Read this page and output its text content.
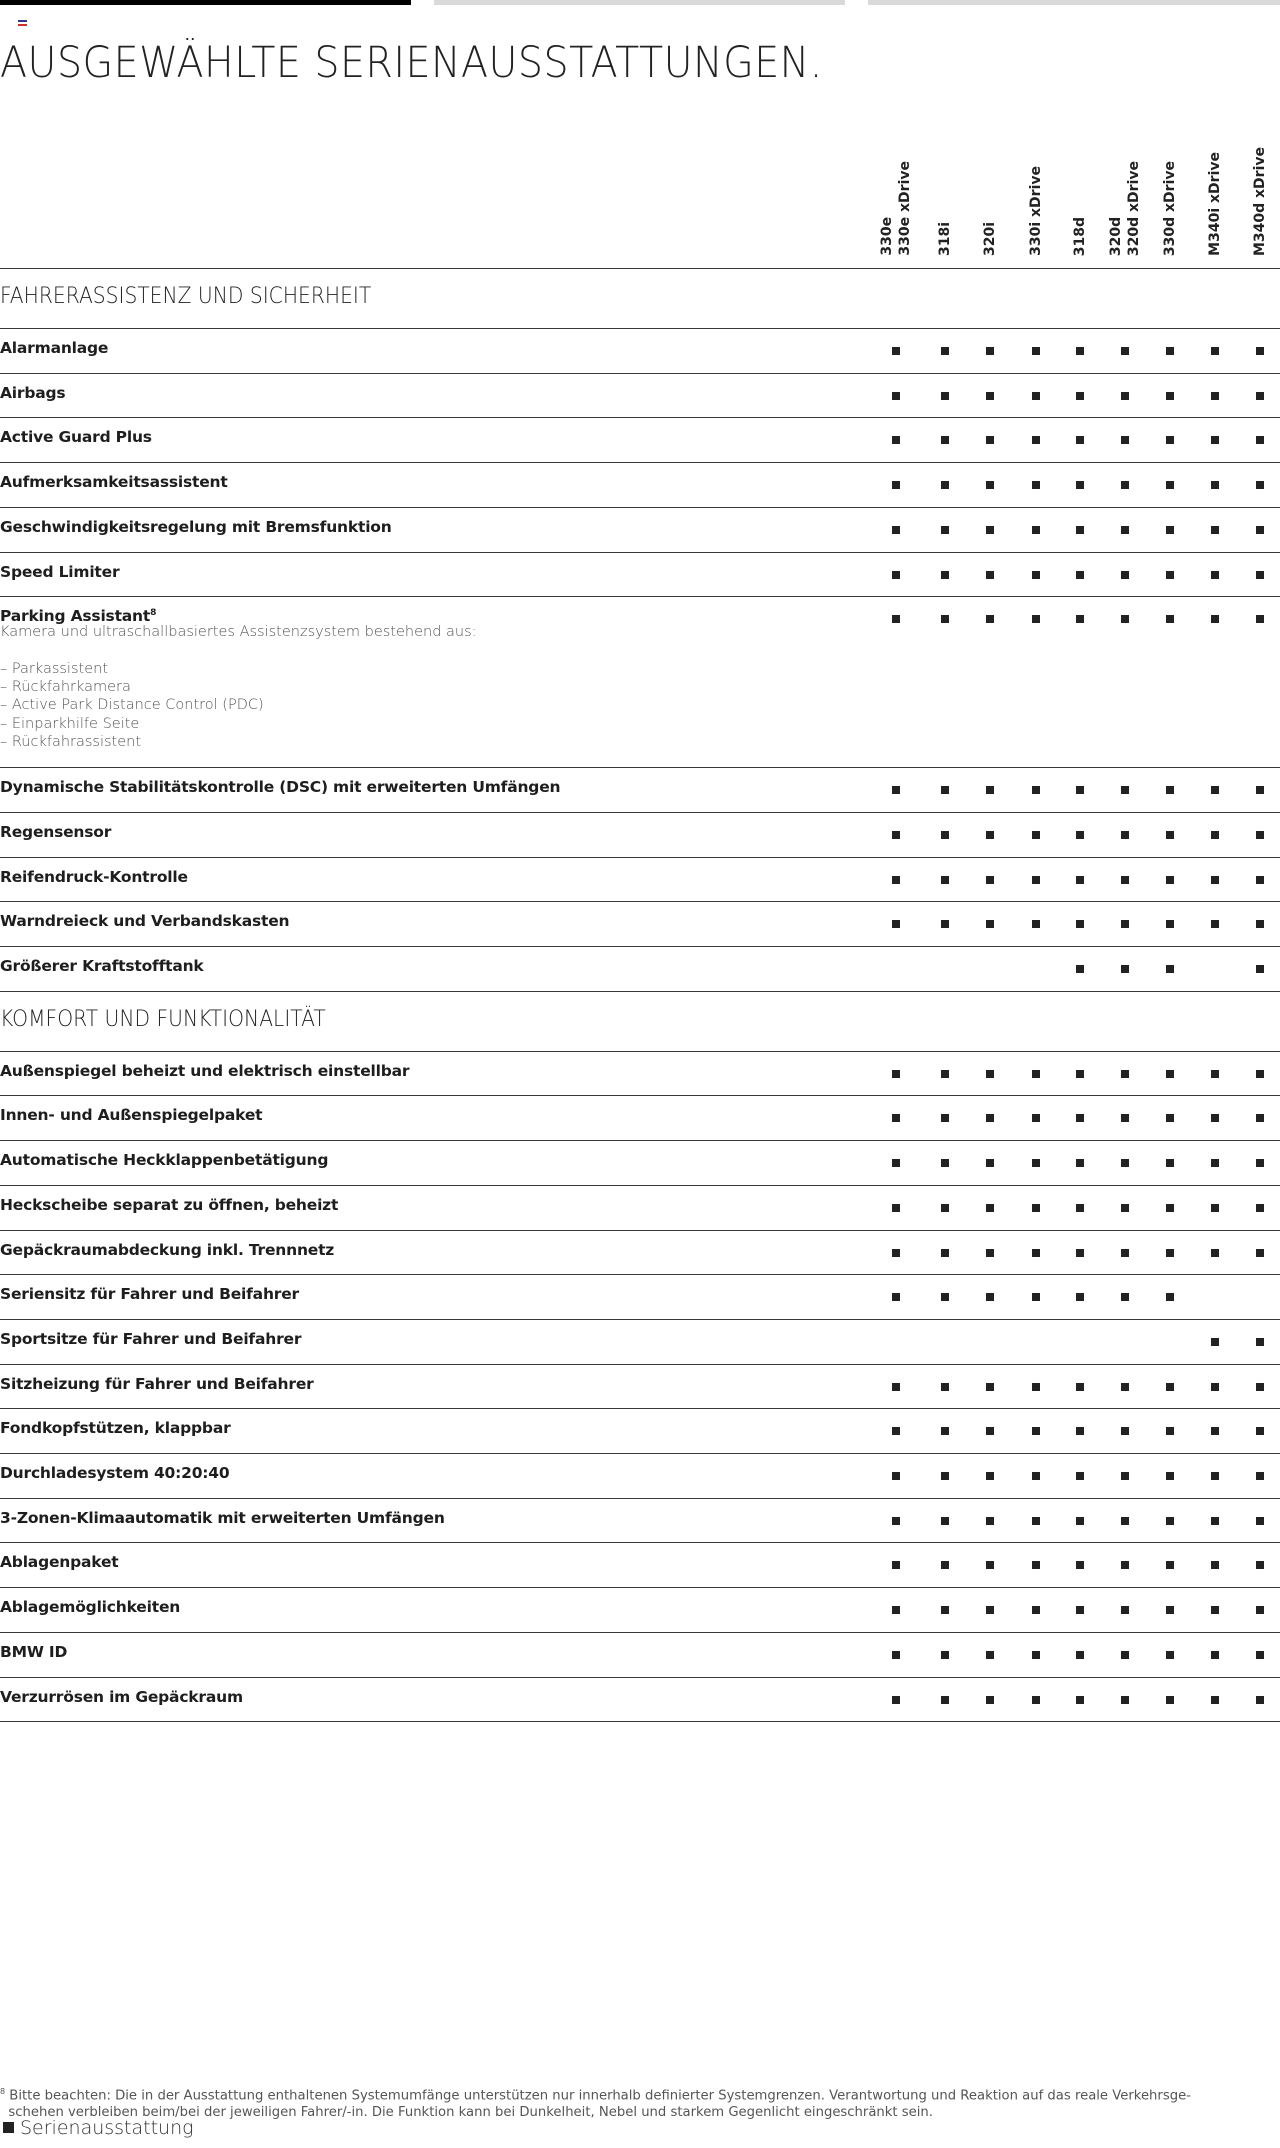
AUSGEWÄHLTE SERIENAUSSTATTUNGEN.
330e
330e xDrive
318i 320i 330i xDrive 318d 320d
320d xDrive 330d xDrive M340i xDrive M340d xDrive
FAHRERASSISTENZ UND SICHERHEIT
Alarmanlage
Airbags
Active Guard Plus
Aufmerksamkeitsassistent
Geschwindigkeitsregelung mit Bremsfunktion
Speed Limiter
Parking Assistant$^8$
Kamera und ultraschallbasiertes Assistenzsystem bestehend aus:

– Parkassistent
– Rückfahrkamera
– Active Park Distance Control (PDC)
– Einparkhilfe Seite
– Rückfahrassistent
Dynamische Stabilitätskontrolle (DSC) mit erweiterten Umfängen
Regensensor
Reifendruck-Kontrolle
Warndreieck und Verbandskasten
Größerer Kraftstofftank
KOMFORT UND FUNKTIONALITÄT
Außenspiegel beheizt und elektrisch einstellbar
Innen- und Außenspiegelpaket
Automatische Heckklappenbetätigung
Heckscheibe separat zu öffnen, beheizt
Gepäckraumabdeckung inkl. Trennnetz
Seriensitz für Fahrer und Beifahrer
Sportsitze für Fahrer und Beifahrer
Sitzheizung für Fahrer und Beifahrer
Fondkopfstützen, klappbar
Durchladesystem 40:20:40
3-Zonen-Klimaautomatik mit erweiterten Umfängen
Ablagenpaket
Ablagemöglichkeiten
BMW ID
Verzurrösen im Gepäckraum
$^8$ Bitte beachten: Die in der Ausstattung enthaltenen Systemumfänge unterstützen nur innerhalb definierter Systemgrenzen. Verantwortung und Reaktion auf das reale Verkehrsge-
schehen verbleiben beim/bei der jeweiligen Fahrer/-in. Die Funktion kann bei Dunkelheit, Nebel und starkem Gegenlicht eingeschränkt sein.
Serienausstattung
